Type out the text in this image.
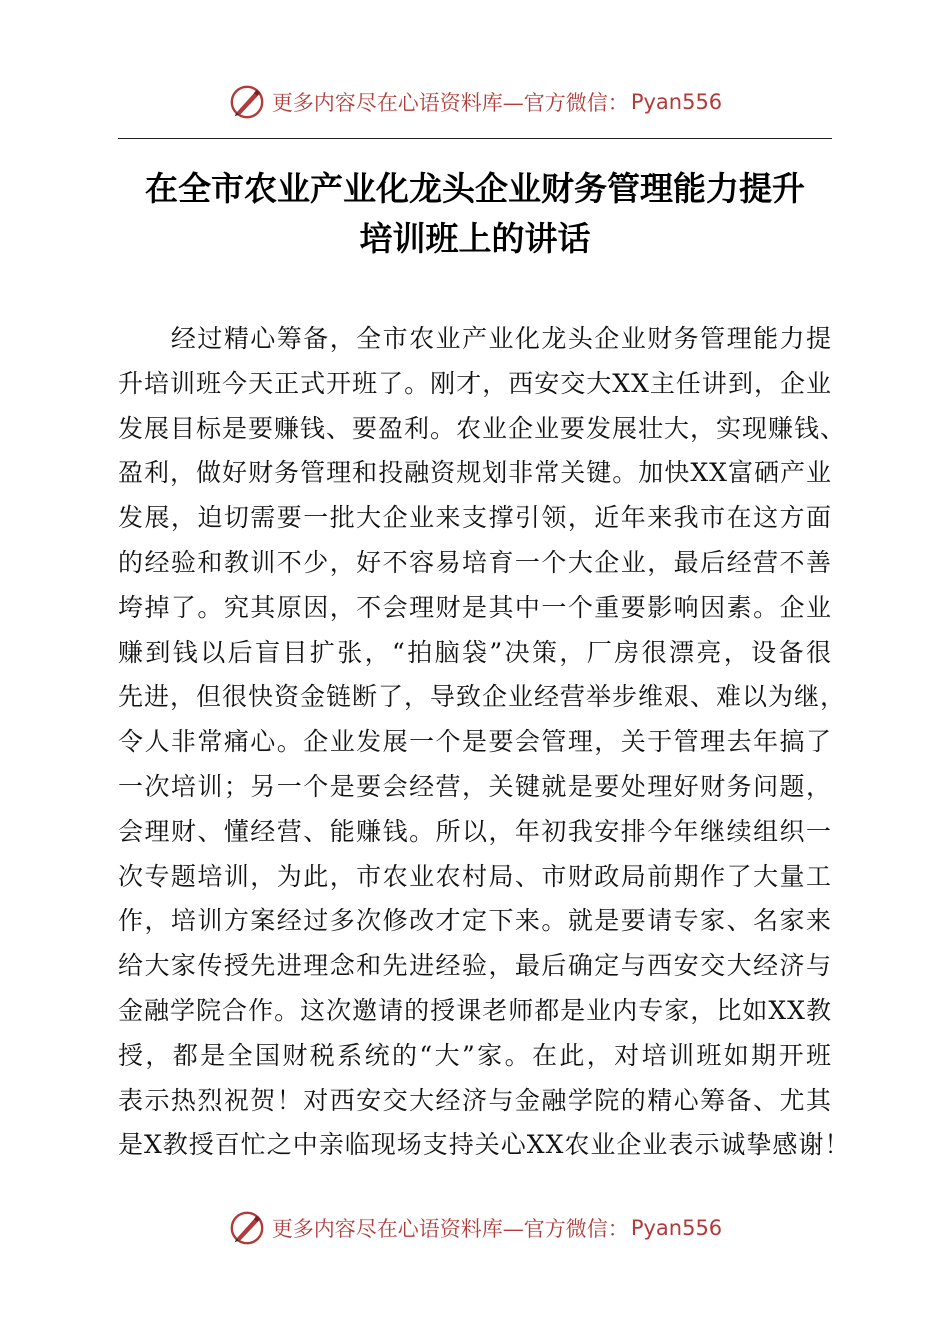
更多内容尽在心语资料库—官方微信： Pyan556
在全市农业产业化龙头企业财务管理能力提升
培训班上的讲话
　　经过精心筹备，全市农业产业化龙头企业财务管理能力提
升培训班今天正式开班了。刚才，西安交大XX主任讲到，企业
发展目标是要赚钱、要盈利。农业企业要发展壮大，实现赚钱、
盈利，做好财务管理和投融资规划非常关键。加快XX富硒产业
发展，迫切需要一批大企业来支撑引领，近年来我市在这方面
的经验和教训不少，好不容易培育一个大企业，最后经营不善
垮掉了。究其原因，不会理财是其中一个重要影响因素。企业
赚到钱以后盲目扩张，“拍脑袋”决策，厂房很漂亮，设备很
先进，但很快资金链断了，导致企业经营举步维艰、难以为继，
令人非常痛心。企业发展一个是要会管理，关于管理去年搞了
一次培训；另一个是要会经营，关键就是要处理好财务问题，
会理财、懂经营、能赚钱。所以，年初我安排今年继续组织一
次专题培训，为此，市农业农村局、市财政局前期作了大量工
作，培训方案经过多次修改才定下来。就是要请专家、名家来
给大家传授先进理念和先进经验，最后确定与西安交大经济与
金融学院合作。这次邀请的授课老师都是业内专家，比如XX教
授，都是全国财税系统的“大”家。在此，对培训班如期开班
表示热烈祝贺！对西安交大经济与金融学院的精心筹备、尤其
是X教授百忙之中亲临现场支持关心XX农业企业表示诚挚感谢！
更多内容尽在心语资料库—官方微信： Pyan556
